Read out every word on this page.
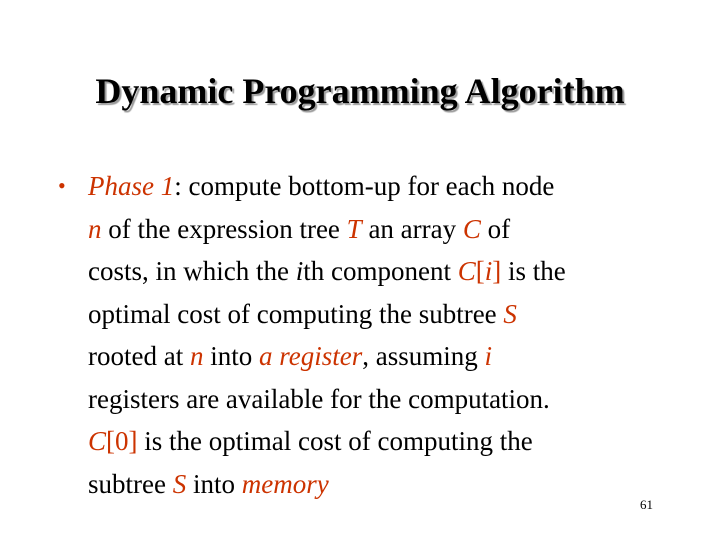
Dynamic Programming Algorithm
• Phase 1: compute bottom-up for each node
n of the expression tree T an array C of
costs, in which the ith component C[i] is the
optimal cost of computing the subtree S
rooted at n into a register, assuming i
registers are available for the computation.
C[0] is the optimal cost of computing the
subtree S into memory
61
